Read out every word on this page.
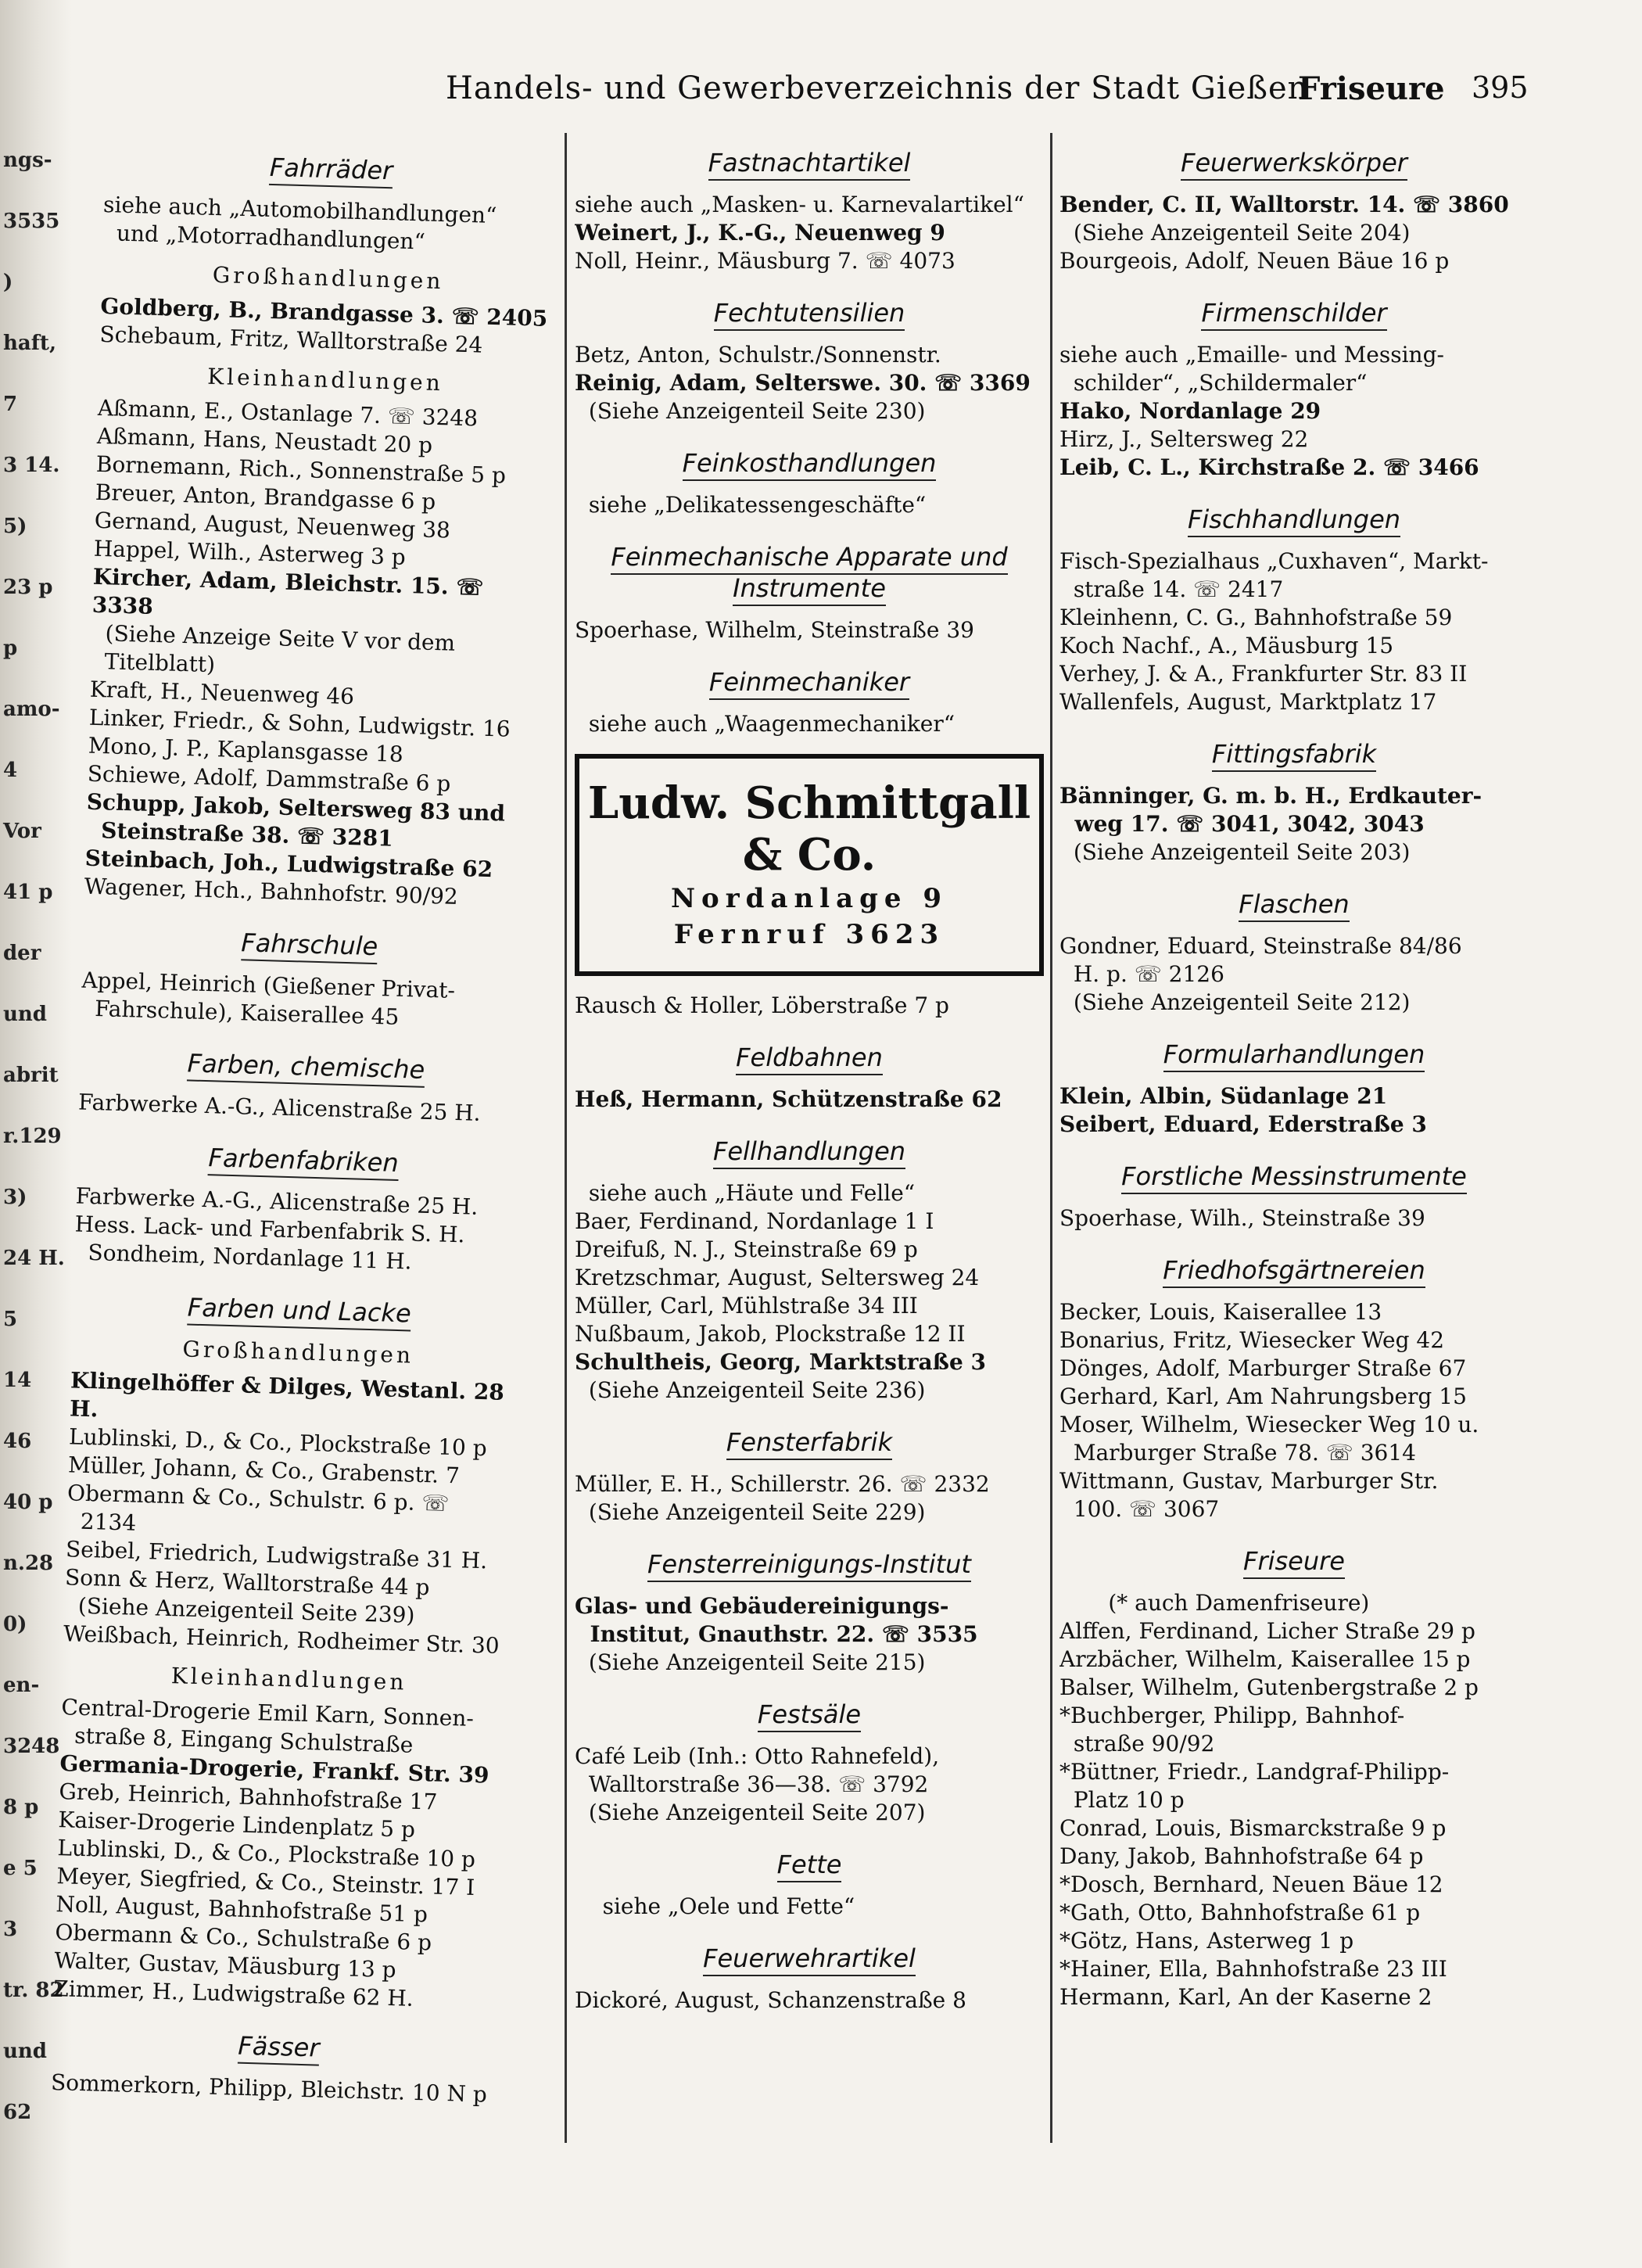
ngs-
3535
)
haft,
7
3 14.
5)
23 p
p
amo-
4
Vor
41 p
der
und
abrit
r.129
3)
24 H.
5
14
46
40 p
n.28
0)
en-
3248
8 p
e 5
3
tr. 82
und
62
Handels- und Gewerbeverzeichnis der Stadt Gießen
Friseure 395
Fahrräder

siehe auch „Automobilhandlungen“
und „Motorradhandlungen“

Großhandlungen

Goldberg, B., Brandgasse 3. ☏ 2405

Schebaum, Fritz, Walltorstraße 24

Kleinhandlungen

Aßmann, E., Ostanlage 7. ☏ 3248

Aßmann, Hans, Neustadt 20 p

Bornemann, Rich., Sonnenstraße 5 p

Breuer, Anton, Brandgasse 6 p

Gernand, August, Neuenweg 38

Happel, Wilh., Asterweg 3 p

Kircher, Adam, Bleichstr. 15. ☏ 3338

(Siehe Anzeige Seite V vor dem
Titelblatt)

Kraft, H., Neuenweg 46

Linker, Friedr., & Sohn, Ludwigstr. 16

Mono, J. P., Kaplansgasse 18

Schiewe, Adolf, Dammstraße 6 p

Schupp, Jakob, Seltersweg 83 und
Steinstraße 38. ☏ 3281

Steinbach, Joh., Ludwigstraße 62

Wagener, Hch., Bahnhofstr. 90/92

Fahrschule

Appel, Heinrich (Gießener Privat-
Fahrschule), Kaiserallee 45

Farben, chemische

Farbwerke A.-G., Alicenstraße 25 H.

Farbenfabriken

Farbwerke A.-G., Alicenstraße 25 H.

Hess. Lack- und Farbenfabrik S. H.
Sondheim, Nordanlage 11 H.

Farben und Lacke
Großhandlungen

Klingelhöffer & Dilges, Westanl. 28 H.

Lublinski, D., & Co., Plockstraße 10 p

Müller, Johann, & Co., Grabenstr. 7

Obermann & Co., Schulstr. 6 p. ☏
2134

Seibel, Friedrich, Ludwigstraße 31 H.

Sonn & Herz, Walltorstraße 44 p
(Siehe Anzeigenteil Seite 239)

Weißbach, Heinrich, Rodheimer Str. 30

Kleinhandlungen

Central-Drogerie Emil Karn, Sonnen-
straße 8, Eingang Schulstraße

Germania-Drogerie, Frankf. Str. 39

Greb, Heinrich, Bahnhofstraße 17

Kaiser-Drogerie Lindenplatz 5 p

Lublinski, D., & Co., Plockstraße 10 p

Meyer, Siegfried, & Co., Steinstr. 17 I

Noll, August, Bahnhofstraße 51 p

Obermann & Co., Schulstraße 6 p

Walter, Gustav, Mäusburg 13 p

Zimmer, H., Ludwigstraße 62 H.

Fässer

Sommerkorn, Philipp, Bleichstr. 10 N p

Fastnachtartikel

siehe auch „Masken- u. Karnevalartikel“

Weinert, J., K.-G., Neuenweg 9

Noll, Heinr., Mäusburg 7. ☏ 4073

Fechtutensilien

Betz, Anton, Schulstr./Sonnenstr.

Reinig, Adam, Selterswe. 30. ☏ 3369

(Siehe Anzeigenteil Seite 230)

Feinkosthandlungen

siehe „Delikatessengeschäfte“

Feinmechanische Apparate und
Instrumente

Spoerhase, Wilhelm, Steinstraße 39

Feinmechaniker

siehe auch „Waagenmechaniker“

Ludw. Schmittgall & Co.
Nordanlage 9
Fernruf 3623

Rausch & Holler, Löberstraße 7 p

Feldbahnen

Heß, Hermann, Schützenstraße 62

Fellhandlungen

siehe auch „Häute und Felle“

Baer, Ferdinand, Nordanlage 1 I

Dreifuß, N. J., Steinstraße 69 p

Kretzschmar, August, Seltersweg 24

Müller, Carl, Mühlstraße 34 III

Nußbaum, Jakob, Plockstraße 12 II

Schultheis, Georg, Marktstraße 3

(Siehe Anzeigenteil Seite 236)

Fensterfabrik

Müller, E. H., Schillerstr. 26. ☏ 2332

(Siehe Anzeigenteil Seite 229)

Fensterreinigungs-Institut

Glas- und Gebäudereinigungs-
Institut, Gnauthstr. 22. ☏ 3535

(Siehe Anzeigenteil Seite 215)

Festsäle

Café Leib (Inh.: Otto Rahnefeld),
Walltorstraße 36—38. ☏ 3792

(Siehe Anzeigenteil Seite 207)

Fette

siehe „Oele und Fette“

Feuerwehrartikel

Dickoré, August, Schanzenstraße 8

Feuerwerkskörper

Bender, C. II, Walltorstr. 14. ☏ 3860

(Siehe Anzeigenteil Seite 204)

Bourgeois, Adolf, Neuen Bäue 16 p

Firmenschilder

siehe auch „Emaille- und Messing-
schilder“, „Schildermaler“

Hako, Nordanlage 29

Hirz, J., Seltersweg 22

Leib, C. L., Kirchstraße 2. ☏ 3466

Fischhandlungen

Fisch-Spezialhaus „Cuxhaven“, Markt-
straße 14. ☏ 2417

Kleinhenn, C. G., Bahnhofstraße 59

Koch Nachf., A., Mäusburg 15

Verhey, J. & A., Frankfurter Str. 83 II

Wallenfels, August, Marktplatz 17

Fittingsfabrik

Bänninger, G. m. b. H., Erdkauter-
weg 17. ☏ 3041, 3042, 3043

(Siehe Anzeigenteil Seite 203)

Flaschen

Gondner, Eduard, Steinstraße 84/86
H. p. ☏ 2126

(Siehe Anzeigenteil Seite 212)

Formularhandlungen

Klein, Albin, Südanlage 21

Seibert, Eduard, Ederstraße 3

Forstliche Messinstrumente

Spoerhase, Wilh., Steinstraße 39

Friedhofsgärtnereien

Becker, Louis, Kaiserallee 13

Bonarius, Fritz, Wiesecker Weg 42

Dönges, Adolf, Marburger Straße 67

Gerhard, Karl, Am Nahrungsberg 15

Moser, Wilhelm, Wiesecker Weg 10 u.
Marburger Straße 78. ☏ 3614

Wittmann, Gustav, Marburger Str.
100. ☏ 3067

Friseure

(* auch Damenfriseure)

Alffen, Ferdinand, Licher Straße 29 p

Arzbächer, Wilhelm, Kaiserallee 15 p

Balser, Wilhelm, Gutenbergstraße 2 p

*Buchberger, Philipp, Bahnhof-
straße 90/92

*Büttner, Friedr., Landgraf-Philipp-
Platz 10 p

Conrad, Louis, Bismarckstraße 9 p

Dany, Jakob, Bahnhofstraße 64 p

*Dosch, Bernhard, Neuen Bäue 12

*Gath, Otto, Bahnhofstraße 61 p

*Götz, Hans, Asterweg 1 p

*Hainer, Ella, Bahnhofstraße 23 III

Hermann, Karl, An der Kaserne 2
